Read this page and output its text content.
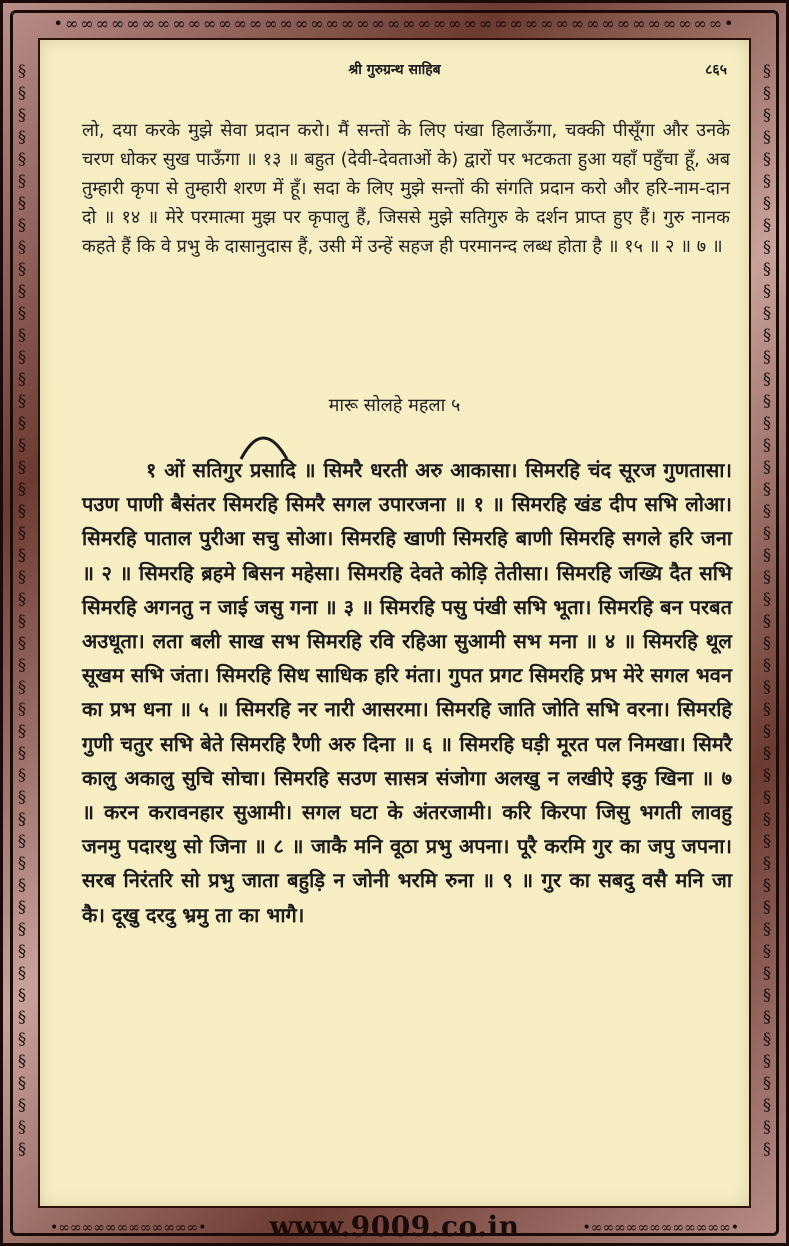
•∞∞∞∞∞∞∞∞∞∞∞∞∞∞∞∞∞∞∞∞∞∞∞∞∞∞∞∞∞∞∞∞∞∞∞∞∞∞∞∞∞∞∞•
§
§
§
§
§
§
§
§
§
§
§
§
§
§
§
§
§
§
§
§
§
§
§
§
§
§
§
§
§
§
§
§
§
§
§
§
§
§
§
§
§
§
§
§
§
§
§
§
§
§
§
§
§
§
§
§
§
§
§
§
§
§
§
§
§
§
§
§
§
§
§
§
§
§
§
§
§
§
§
§
§
§
§
§
§
§
§
§
§
§
§
§
§
§
§
§
§
§
§
§
श्री गुरुग्रन्थ साहिब	८६५

लो, दया करके मुझे सेवा प्रदान करो। मैं सन्तों के लिए पंखा हिलाऊँगा, चक्की पीसूँगा और उनके चरण धोकर सुख पाऊँगा ॥ १३ ॥ बहुत (देवी-देवताओं के) द्वारों पर भटकता हुआ यहाँ पहुँचा हूँ, अब तुम्हारी कृपा से तुम्हारी शरण में हूँ। सदा के लिए मुझे सन्तों की संगति प्रदान करो और हरि-नाम-दान दो ॥ १४ ॥ मेरे परमात्मा मुझ पर कृपालु हैं, जिससे मुझे सतिगुरु के दर्शन प्राप्त हुए हैं। गुरु नानक कहते हैं कि वे प्रभु के दासानुदास हैं, उसी में उन्हें सहज ही परमानन्द लब्ध होता है ॥ १५ ॥ २ ॥ ७ ॥

मारू सोलहे महला ५

१ ओं सतिगुर प्रसादि ॥ सिमरै धरती अरु आकासा। सिमरहि चंद सूरज गुणतासा। पउण पाणी बैसंतर सिमरहि सिमरै सगल उपारजना ॥ १ ॥ सिमरहि खंड दीप सभि लोआ। सिमरहि पाताल पुरीआ सचु सोआ। सिमरहि खाणी सिमरहि बाणी सिमरहि सगले हरि जना ॥ २ ॥ सिमरहि ब्रहमे बिसन महेसा। सिमरहि देवते कोड़ि तेतीसा। सिमरहि जख्यि दैत सभि सिमरहि अगनतु न जाई जसु गना ॥ ३ ॥ सिमरहि पसु पंखी सभि भूता। सिमरहि बन परबत अउधूता। लता बली साख सभ सिमरहि रवि रहिआ सुआमी सभ मना ॥ ४ ॥ सिमरहि थूल सूखम सभि जंता। सिमरहि सिध साधिक हरि मंता। गुपत प्रगट सिमरहि प्रभ मेरे सगल भवन का प्रभ धना ॥ ५ ॥ सिमरहि नर नारी आसरमा। सिमरहि जाति जोति सभि वरना। सिमरहि गुणी चतुर सभि बेते सिमरहि रैणी अरु दिना ॥ ६ ॥ सिमरहि घड़ी मूरत पल निमखा। सिमरै कालु अकालु सुचि सोचा। सिमरहि सउण सासत्र संजोगा अलखु न लखीऐ इकु खिना ॥ ७ ॥ करन करावनहार सुआमी। सगल घटा के अंतरजामी। करि किरपा जिसु भगती लावहु जनमु पदारथु सो जिना ॥ ८ ॥ जाकै मनि वूठा प्रभु अपना। पूरै करमि गुर का जपु जपना। सरब निरंतरि सो प्रभु जाता बहुड़ि न जोनी भरमि रुना ॥ ९ ॥ गुर का सबदु वसै मनि जा कै। दूखु दरदु भ्रमु ता का भागै।

•∞∞∞∞∞∞∞∞∞∞∞∞•	www.9009.co.in	•∞∞∞∞∞∞∞∞∞∞∞∞•
